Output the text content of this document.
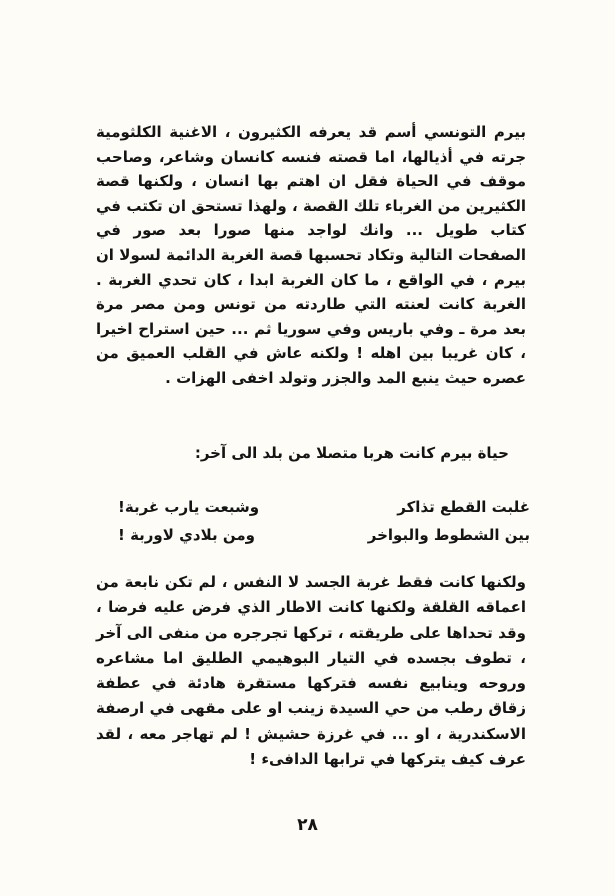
بيرم التونسي أسم قد يعرفه الكثيرون ، الاغنية الكلثومية جرته في أذيالها، اما قصته فنسه كانسان وشاعر، وصاحب موقف في الحياة فقل ان اهتم بها انسان ، ولكنها قصة الكثيرين من الغرباء تلك القصة ، ولهذا تستحق ان تكتب في كتاب طويل ... وانك لواجد منها صورا بعد صور في الصفحات التالية وتكاد تحسبها قصة الغربة الدائمة لسولا ان بيرم ، في الواقع ، ما كان الغربة ابدا ، كان تحدي الغربة . الغربة كانت لعنته التي طاردته من تونس ومن مصر مرة بعد مرة ـ وفي باريس وفي سوريا ثم ... حين استراح اخيرا ، كان غريبا بين اهله ! ولكنه عاش في القلب العميق من عصره حيث ينبع المد والجزر وتولد اخفى الهزات .

حياة بيرم كانت هربا متصلا من بلد الى آخر:

غلبت القطع تذاكر
وشبعت يارب غربة!
بين الشطوط والبواخر
ومن بلادي لاوربة !

ولكنها كانت فقط غربة الجسد لا النفس ، لم تكن نابعة من اعماقه القلقة ولكنها كانت الاطار الذي فرض عليه فرضا ، وقد تحداها على طريقته ، تركها تجرجره من منفى الى آخر ، تطوف بجسده في التيار البوهيمي الطليق اما مشاعره وروحه وينابيع نفسه فتركها مستقرة هادئة في عطفة زقاق رطب من حي السيدة زينب او على مقهى في ارصفة الاسكندرية ، او ... في غرزة حشيش ! لم تهاجر معه ، لقد عرف كيف يتركها في ترابها الدافىء !

٢٨
